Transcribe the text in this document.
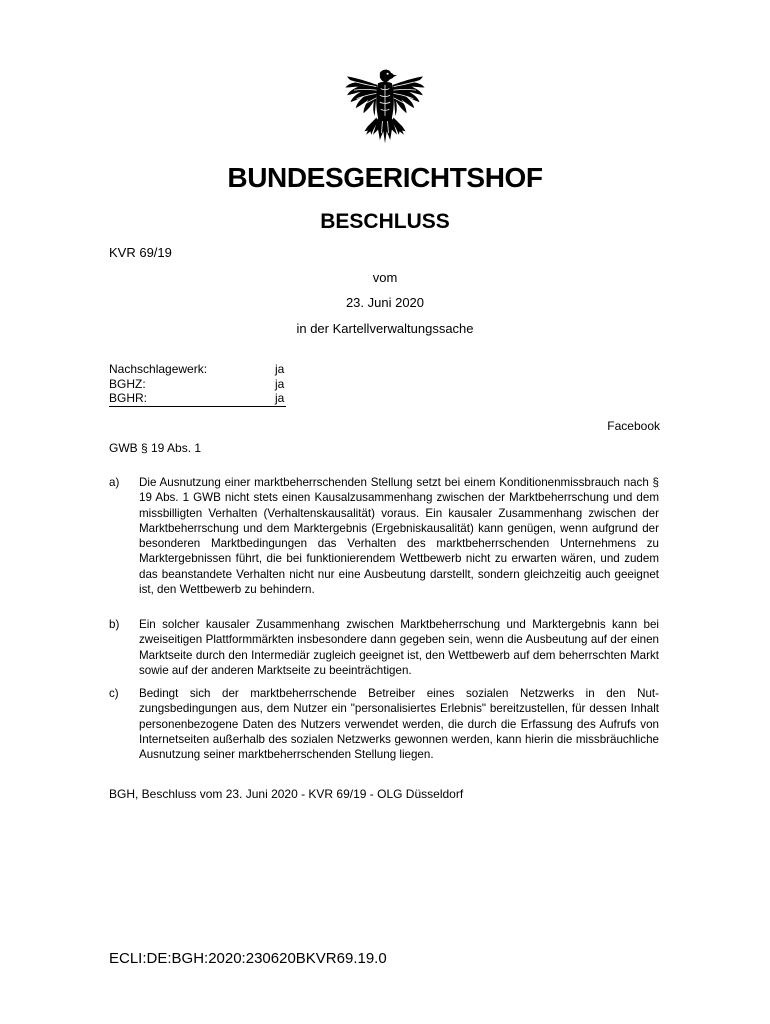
BUNDESGERICHTSHOF
BESCHLUSS
KVR 69/19
vom
23. Juni 2020
in der Kartellverwaltungssache
Nachschlagewerk:	ja
BGHZ:	ja
BGHR:	ja
Facebook
GWB § 19 Abs. 1
a) Die Ausnutzung einer marktbeherrschenden Stellung setzt bei einem Konditionenmissbrauch nach § 19 Abs. 1 GWB nicht stets einen Kausalzusammenhang zwischen der Marktbeherrschung und dem missbilligten Verhalten (Verhaltenskausalität) voraus. Ein kausaler Zusammenhang zwischen der Marktbeherrschung und dem Marktergebnis (Ergebniskausalität) kann genügen, wenn aufgrund der besonderen Marktbedingungen das Verhalten des marktbeherrschenden Unternehmens zu Marktergebnissen führt, die bei funktionierendem Wettbewerb nicht zu erwarten wären, und zudem das beanstandete Verhalten nicht nur eine Ausbeutung darstellt, sondern gleichzeitig auch geeignet ist, den Wettbewerb zu behindern.
b) Ein solcher kausaler Zusammenhang zwischen Marktbeherrschung und Marktergebnis kann bei zweiseitigen Plattformmärkten insbesondere dann gegeben sein, wenn die Ausbeutung auf der einen Marktseite durch den Intermediär zugleich geeignet ist, den Wettbewerb auf dem beherrschten Markt sowie auf der anderen Marktseite zu beeinträchtigen.
c) Bedingt sich der marktbeherrschende Betreiber eines sozialen Netzwerks in den Nutzungsbedingungen aus, dem Nutzer ein "personalisiertes Erlebnis" bereitzustellen, für dessen Inhalt personenbezogene Daten des Nutzers verwendet werden, die durch die Erfassung des Aufrufs von Internetseiten außerhalb des sozialen Netzwerks gewonnen werden, kann hierin die missbräuchliche Ausnutzung seiner marktbeherrschenden Stellung liegen.
BGH, Beschluss vom 23. Juni 2020 - KVR 69/19 - OLG Düsseldorf
ECLI:DE:BGH:2020:230620BKVR69.19.0
